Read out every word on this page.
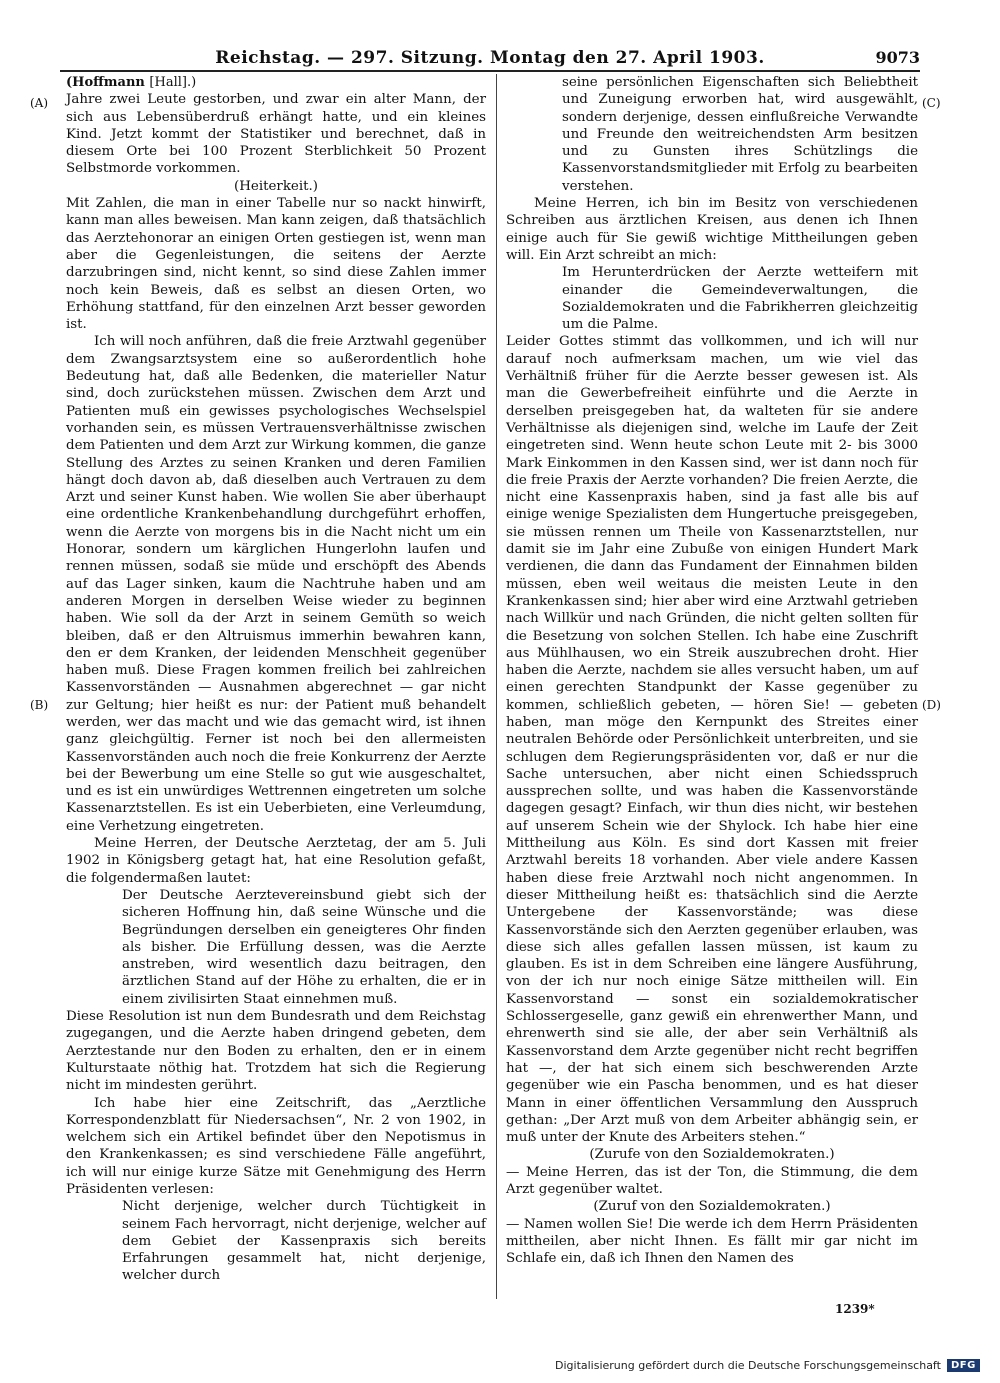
Reichstag. — 297. Sitzung. Montag den 27. April 1903.	9073
(A)
(B)
(C)
(D)

(Hoffmann [Hall].)

Jahre zwei Leute gestorben, und zwar ein alter Mann, der sich aus Lebensüberdruß erhängt hatte, und ein kleines Kind. Jetzt kommt der Statistiker und berechnet, daß in diesem Orte bei 100 Prozent Sterblichkeit 50 Prozent Selbstmorde vorkommen.

(Heiterkeit.)

Mit Zahlen, die man in einer Tabelle nur so nackt hinwirft, kann man alles beweisen. Man kann zeigen, daß thatsächlich das Aerztehonorar an einigen Orten gestiegen ist, wenn man aber die Gegenleistungen, die seitens der Aerzte darzubringen sind, nicht kennt, so sind diese Zahlen immer noch kein Beweis, daß es selbst an diesen Orten, wo Erhöhung stattfand, für den einzelnen Arzt besser geworden ist.

Ich will noch anführen, daß die freie Arztwahl gegenüber dem Zwangsarztsystem eine so außerordentlich hohe Bedeutung hat, daß alle Bedenken, die materieller Natur sind, doch zurückstehen müssen. Zwischen dem Arzt und Patienten muß ein gewisses psychologisches Wechselspiel vorhanden sein, es müssen Vertrauensverhältnisse zwischen dem Patienten und dem Arzt zur Wirkung kommen, die ganze Stellung des Arztes zu seinen Kranken und deren Familien hängt doch davon ab, daß dieselben auch Vertrauen zu dem Arzt und seiner Kunst haben. Wie wollen Sie aber überhaupt eine ordentliche Krankenbehandlung durchgeführt erhoffen, wenn die Aerzte von morgens bis in die Nacht nicht um ein Honorar, sondern um kärglichen Hungerlohn laufen und rennen müssen, sodaß sie müde und erschöpft des Abends auf das Lager sinken, kaum die Nachtruhe haben und am anderen Morgen in derselben Weise wieder zu beginnen haben. Wie soll da der Arzt in seinem Gemüth so weich bleiben, daß er den Altruismus immerhin bewahren kann, den er dem Kranken, der leidenden Menschheit gegenüber haben muß. Diese Fragen kommen freilich bei zahlreichen Kassenvorständen — Ausnahmen abgerechnet — gar nicht zur Geltung; hier heißt es nur: der Patient muß behandelt werden, wer das macht und wie das gemacht wird, ist ihnen ganz gleichgültig. Ferner ist noch bei den allermeisten Kassenvorständen auch noch die freie Konkurrenz der Aerzte bei der Bewerbung um eine Stelle so gut wie ausgeschaltet, und es ist ein unwürdiges Wettrennen eingetreten um solche Kassenarztstellen. Es ist ein Ueberbieten, eine Verleumdung, eine Verhetzung eingetreten.

Meine Herren, der Deutsche Aerztetag, der am 5. Juli 1902 in Königsberg getagt hat, hat eine Resolution gefaßt, die folgendermaßen lautet:

Der Deutsche Aerztevereinsbund giebt sich der sicheren Hoffnung hin, daß seine Wünsche und die Begründungen derselben ein geneigteres Ohr finden als bisher. Die Erfüllung dessen, was die Aerzte anstreben, wird wesentlich dazu beitragen, den ärztlichen Stand auf der Höhe zu erhalten, die er in einem zivilisirten Staat einnehmen muß.

Diese Resolution ist nun dem Bundesrath und dem Reichstag zugegangen, und die Aerzte haben dringend gebeten, dem Aerztestande nur den Boden zu erhalten, den er in einem Kulturstaate nöthig hat. Trotzdem hat sich die Regierung nicht im mindesten gerührt.

Ich habe hier eine Zeitschrift, das „Aerztliche Korrespondenzblatt für Niedersachsen“, Nr. 2 von 1902, in welchem sich ein Artikel befindet über den Nepotismus in den Krankenkassen; es sind verschiedene Fälle angeführt, ich will nur einige kurze Sätze mit Genehmigung des Herrn Präsidenten verlesen:

Nicht derjenige, welcher durch Tüchtigkeit in seinem Fach hervorragt, nicht derjenige, welcher auf dem Gebiet der Kassenpraxis sich bereits Erfahrungen gesammelt hat, nicht derjenige, welcher durch

seine persönlichen Eigenschaften sich Beliebtheit und Zuneigung erworben hat, wird ausgewählt, sondern derjenige, dessen einflußreiche Verwandte und Freunde den weitreichendsten Arm besitzen und zu Gunsten ihres Schützlings die Kassenvorstandsmitglieder mit Erfolg zu bearbeiten verstehen.

Meine Herren, ich bin im Besitz von verschiedenen Schreiben aus ärztlichen Kreisen, aus denen ich Ihnen einige auch für Sie gewiß wichtige Mittheilungen geben will. Ein Arzt schreibt an mich:

Im Herunterdrücken der Aerzte wetteifern mit einander die Gemeindeverwaltungen, die Sozialdemokraten und die Fabrikherren gleichzeitig um die Palme.

Leider Gottes stimmt das vollkommen, und ich will nur darauf noch aufmerksam machen, um wie viel das Verhältniß früher für die Aerzte besser gewesen ist. Als man die Gewerbefreiheit einführte und die Aerzte in derselben preisgegeben hat, da walteten für sie andere Verhältnisse als diejenigen sind, welche im Laufe der Zeit eingetreten sind. Wenn heute schon Leute mit 2- bis 3000 Mark Einkommen in den Kassen sind, wer ist dann noch für die freie Praxis der Aerzte vorhanden? Die freien Aerzte, die nicht eine Kassenpraxis haben, sind ja fast alle bis auf einige wenige Spezialisten dem Hungertuche preisgegeben, sie müssen rennen um Theile von Kassenarztstellen, nur damit sie im Jahr eine Zubuße von einigen Hundert Mark verdienen, die dann das Fundament der Einnahmen bilden müssen, eben weil weitaus die meisten Leute in den Krankenkassen sind; hier aber wird eine Arztwahl getrieben nach Willkür und nach Gründen, die nicht gelten sollten für die Besetzung von solchen Stellen. Ich habe eine Zuschrift aus Mühlhausen, wo ein Streik auszubrechen droht. Hier haben die Aerzte, nachdem sie alles versucht haben, um auf einen gerechten Standpunkt der Kasse gegenüber zu kommen, schließlich gebeten, — hören Sie! — gebeten haben, man möge den Kernpunkt des Streites einer neutralen Behörde oder Persönlichkeit unterbreiten, und sie schlugen dem Regierungspräsidenten vor, daß er nur die Sache untersuchen, aber nicht einen Schiedsspruch aussprechen sollte, und was haben die Kassenvorstände dagegen gesagt? Einfach, wir thun dies nicht, wir bestehen auf unserem Schein wie der Shylock. Ich habe hier eine Mittheilung aus Köln. Es sind dort Kassen mit freier Arztwahl bereits 18 vorhanden. Aber viele andere Kassen haben diese freie Arztwahl noch nicht angenommen. In dieser Mittheilung heißt es: thatsächlich sind die Aerzte Untergebene der Kassenvorstände; was diese Kassenvorstände sich den Aerzten gegenüber erlauben, was diese sich alles gefallen lassen müssen, ist kaum zu glauben. Es ist in dem Schreiben eine längere Ausführung, von der ich nur noch einige Sätze mittheilen will. Ein Kassenvorstand — sonst ein sozialdemokratischer Schlossergeselle, ganz gewiß ein ehrenwerther Mann, und ehrenwerth sind sie alle, der aber sein Verhältniß als Kassenvorstand dem Arzte gegenüber nicht recht begriffen hat —, der hat sich einem sich beschwerenden Arzte gegenüber wie ein Pascha benommen, und es hat dieser Mann in einer öffentlichen Versammlung den Ausspruch gethan: „Der Arzt muß von dem Arbeiter abhängig sein, er muß unter der Knute des Arbeiters stehen.“

(Zurufe von den Sozialdemokraten.)

— Meine Herren, das ist der Ton, die Stimmung, die dem Arzt gegenüber waltet.

(Zuruf von den Sozialdemokraten.)

— Namen wollen Sie! Die werde ich dem Herrn Präsidenten mittheilen, aber nicht Ihnen. Es fällt mir gar nicht im Schlafe ein, daß ich Ihnen den Namen des

1239*
Digitalisierung gefördert durch die Deutsche Forschungsgemeinschaft	DFG
